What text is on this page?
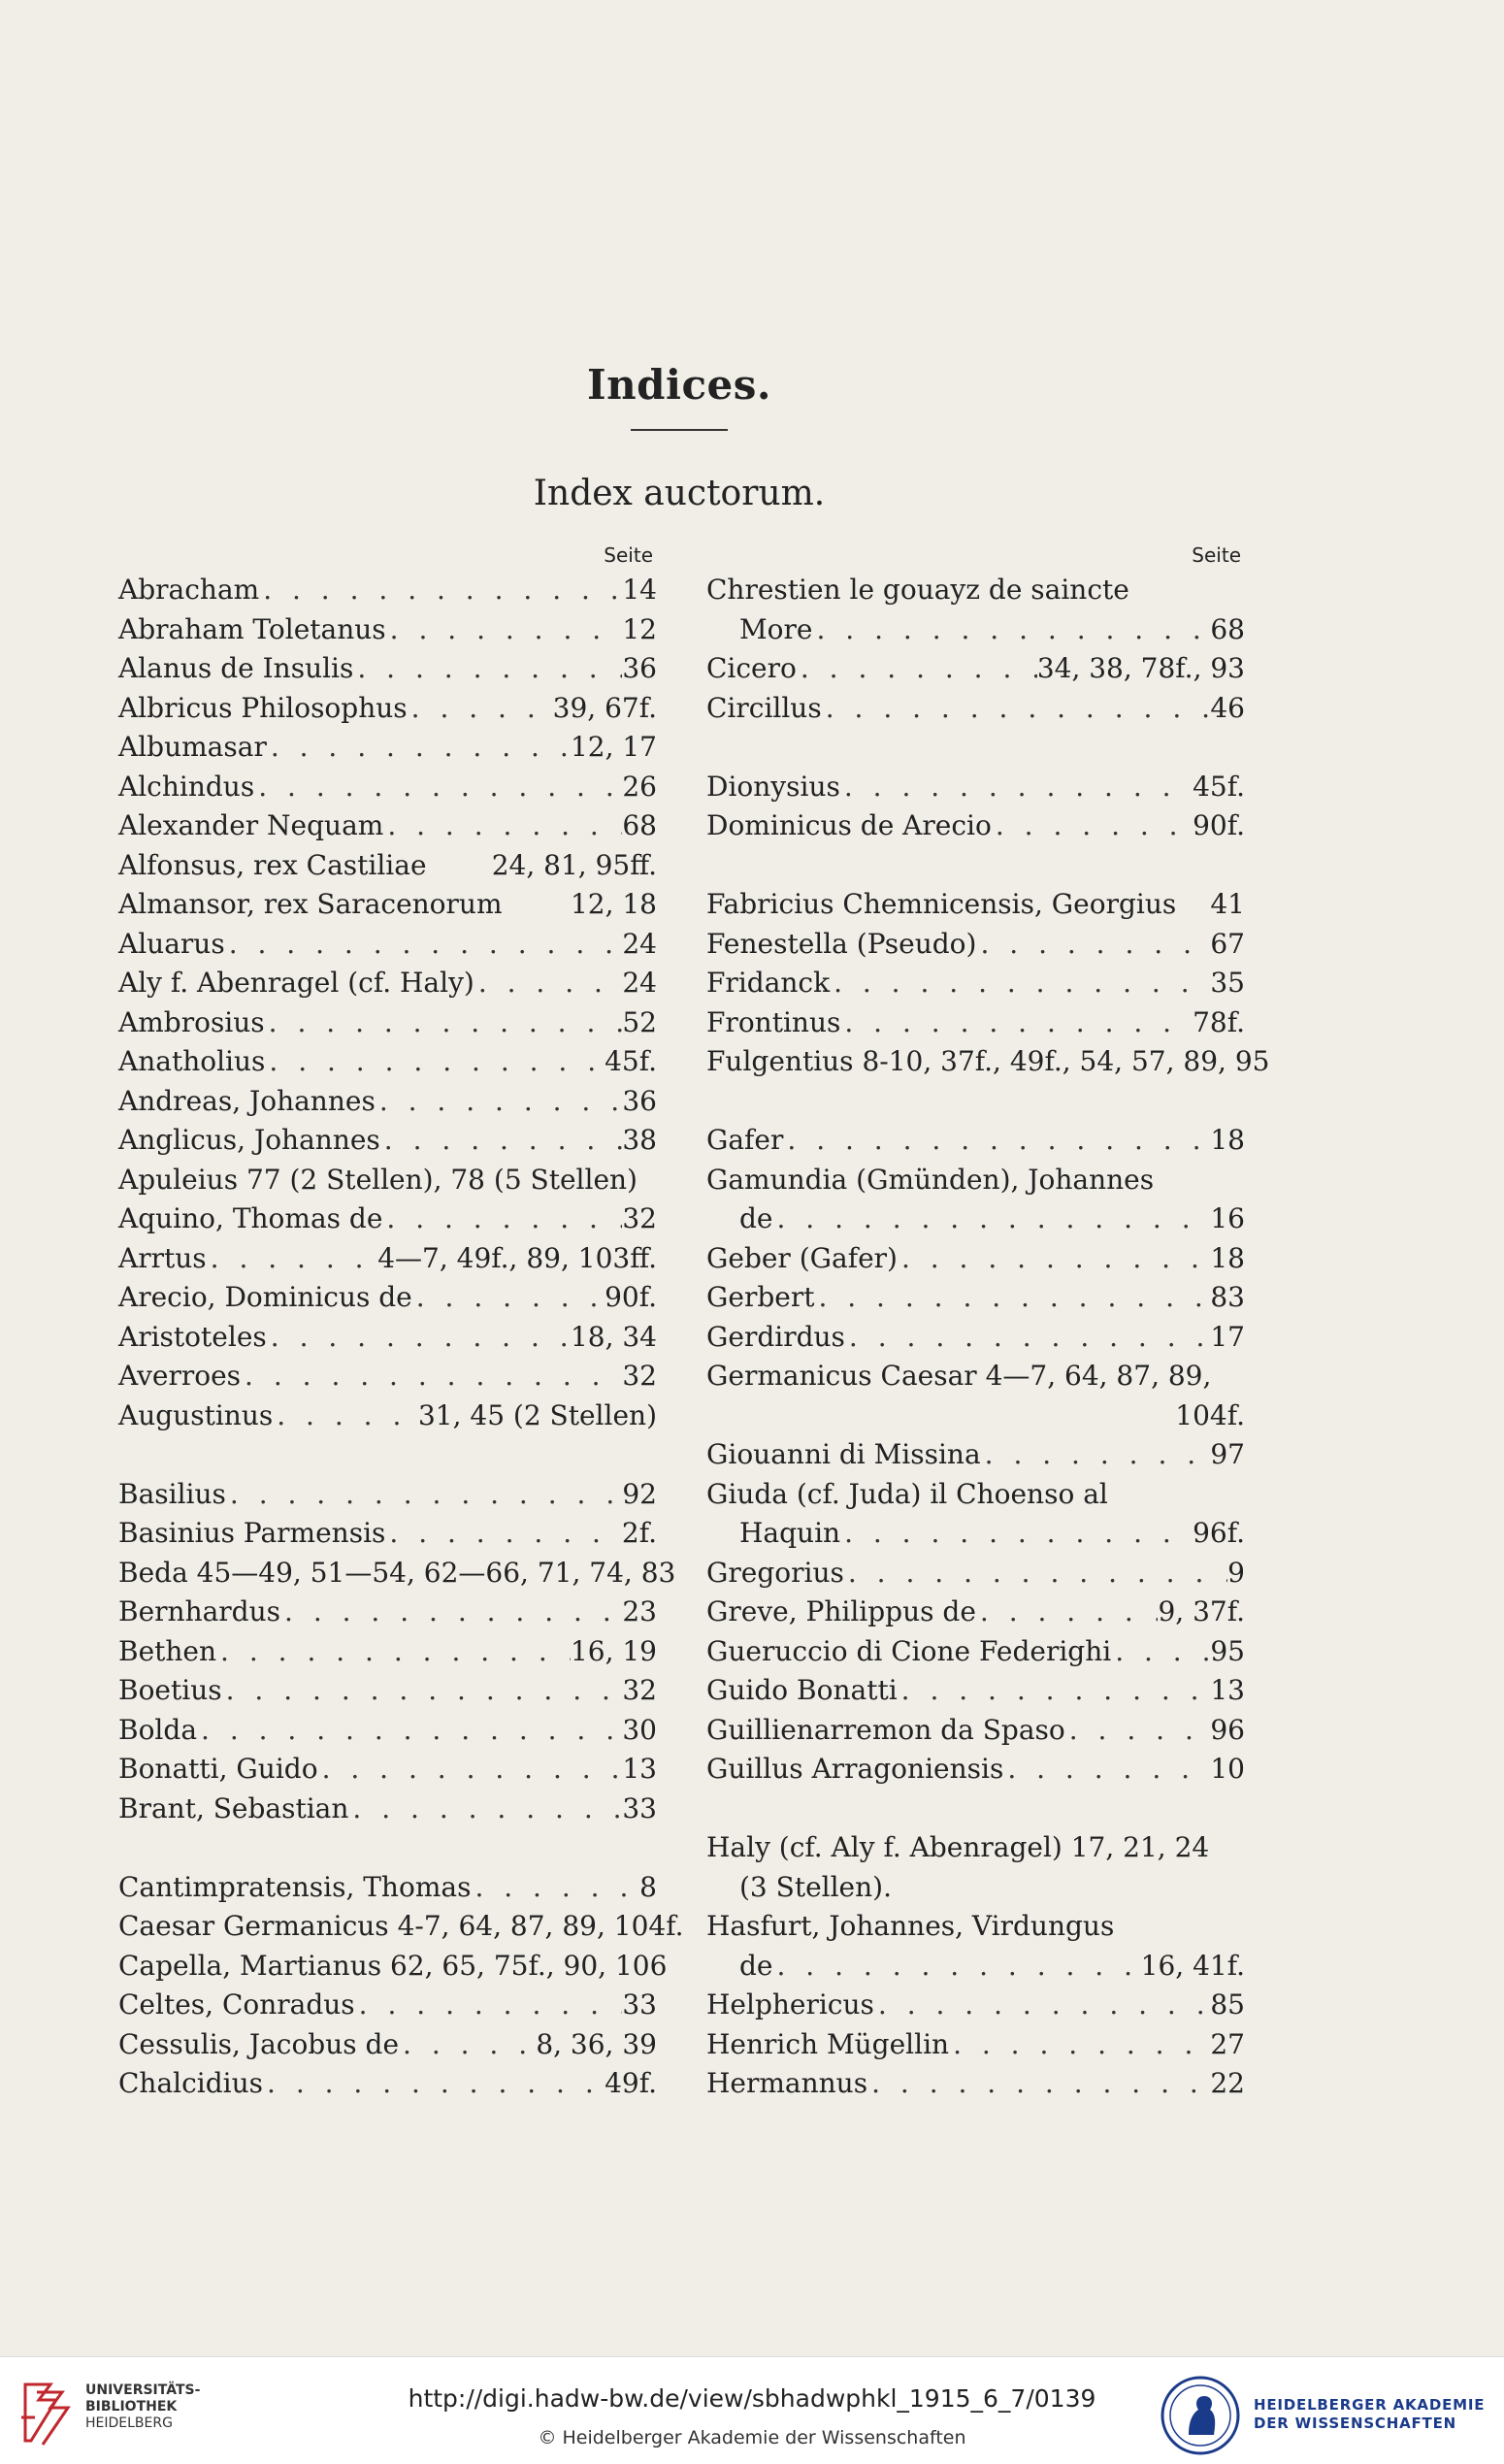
Indices.
Index auctorum.
Seite
Abracham . . .	14
Abraham Toletanus . . .	12
Alanus de Insulis . . .	36
Albricus Philosophus . . .	39, 67f.
Albumasar . . .	12, 17
Alchindus . . .	26
Alexander Nequam . . .	68
Alfonsus, rex Castiliae 24, 81, 95ff.
Almansor, rex Saracenorum	12, 18
Aluarus . . .	24
Aly f. Abenragel (cf. Haly) . . .	24
Ambrosius . . .	52
Anatholius . . .	45f.
Andreas, Johannes . . .	36
Anglicus, Johannes . . .	38
Apuleius 77 (2 Stellen), 78 (5 Stellen)
Aquino, Thomas de . . .	32
Arrtus . . .	4—7, 49f., 89, 103ff.
Arecio, Dominicus de . . .	90f.
Aristoteles . . .	18, 34
Averroes . . .	32
Augustinus . . .	31, 45 (2 Stellen)
Basilius . . .	92
Basinius Parmensis . . .	2f.
Beda 45—49, 51—54, 62—66, 71, 74, 83
Bernhardus . . .	23
Bethen . . .	16, 19
Boetius . . .	32
Bolda . . .	30
Bonatti, Guido . . .	13
Brant, Sebastian . . .	33
Cantimpratensis, Thomas . . .	8
Caesar Germanicus 4-7, 64, 87, 89, 104f.
Capella, Martianus 62, 65, 75f., 90, 106
Celtes, Conradus . . .	33
Cessulis, Jacobus de . . .	8, 36, 39
Chalcidius . . .	49f.
Seite
Chrestien le gouayz de saincte
More . . .	68
Cicero . . .	34, 38, 78f., 93
Circillus . . .	46
Dionysius . . .	45f.
Dominicus de Arecio . . .	90f.
Fabricius Chemnicensis, Georgius 41
Fenestella (Pseudo) . . .	67
Fridanck . . .	35
Frontinus . . .	78f.
Fulgentius 8-10, 37f., 49f., 54, 57, 89, 95
Gafer . . .	18
Gamundia (Gmünden), Johannes
de . . .	16
Geber (Gafer) . . .	18
Gerbert . . .	83
Gerdirdus . . .	17
Germanicus Caesar 4—7, 64, 87, 89,
104f.
Giouanni di Missina . . .	97
Giuda (cf. Juda) il Choenso al
Haquin . . .	96f.
Gregorius . . .	9
Greve, Philippus de . . .	9, 37f.
Gueruccio di Cione Federighi . . .	95
Guido Bonatti . . .	13
Guillienarremon da Spaso . . .	96
Guillus Arragoniensis . . .	10
Haly (cf. Aly f. Abenragel) 17, 21, 24
(3 Stellen).
Hasfurt, Johannes, Virdungus
de . . .	16, 41f.
Helphericus . . .	85
Henrich Mügellin . . .	27
Hermannus . . .	22
UNIVERSITÄTS-
BIBLIOTHEK
HEIDELBERG
http://digi.hadw-bw.de/view/sbhadwphkl_1915_6_7/0139
© Heidelberger Akademie der Wissenschaften
HEIDELBERGER AKADEMIE
DER WISSENSCHAFTEN
